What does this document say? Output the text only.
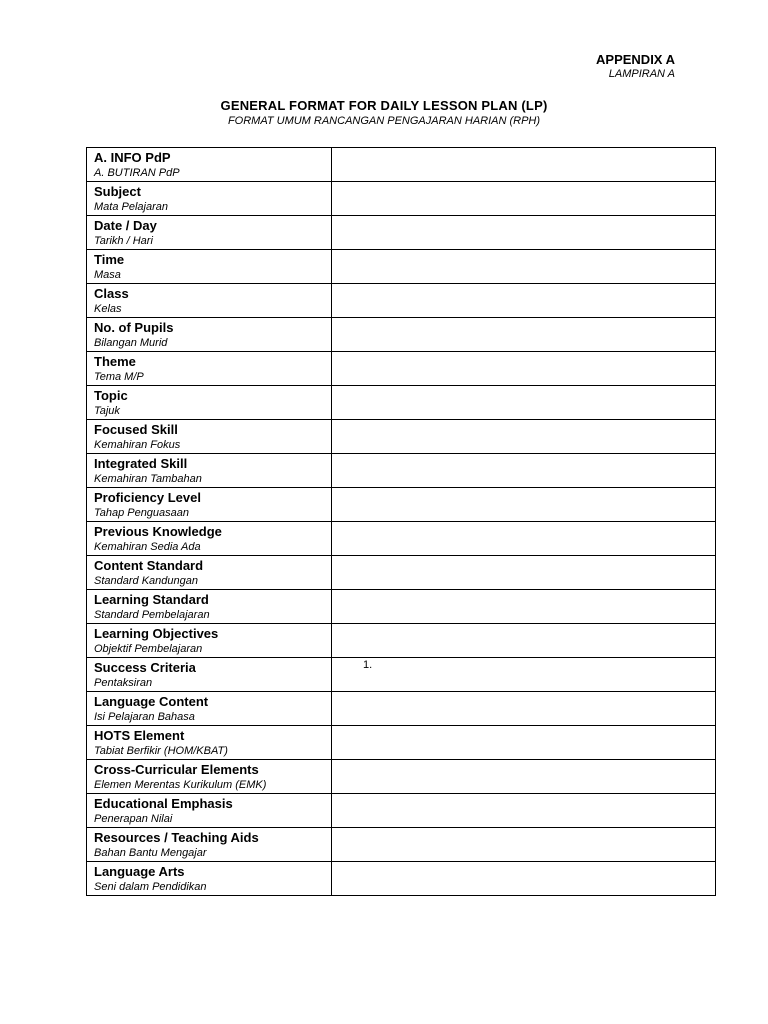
APPENDIX A
LAMPIRAN A
GENERAL FORMAT FOR DAILY LESSON PLAN (LP)
FORMAT UMUM RANCANGAN PENGAJARAN HARIAN (RPH)
A. INFO PdP
A. BUTIRAN PdP	

Subject
Mata Pelajaran	

Date / Day
Tarikh / Hari	

Time
Masa	

Class
Kelas	

No. of Pupils
Bilangan Murid	

Theme
Tema M/P	

Topic
Tajuk	

Focused Skill
Kemahiran Fokus	

Integrated Skill
Kemahiran Tambahan	

Proficiency Level
Tahap Penguasaan	

Previous Knowledge
Kemahiran Sedia Ada	

Content Standard
Standard Kandungan	

Learning Standard
Standard Pembelajaran	

Learning Objectives
Objektif Pembelajaran	

Success Criteria
Pentaksiran	1.

Language Content
Isi Pelajaran Bahasa	

HOTS Element
Tabiat Berfikir (HOM/KBAT)	

Cross-Curricular Elements
Elemen Merentas Kurikulum (EMK)	

Educational Emphasis
Penerapan Nilai	

Resources / Teaching Aids
Bahan Bantu Mengajar	

Language Arts
Seni dalam Pendidikan	
